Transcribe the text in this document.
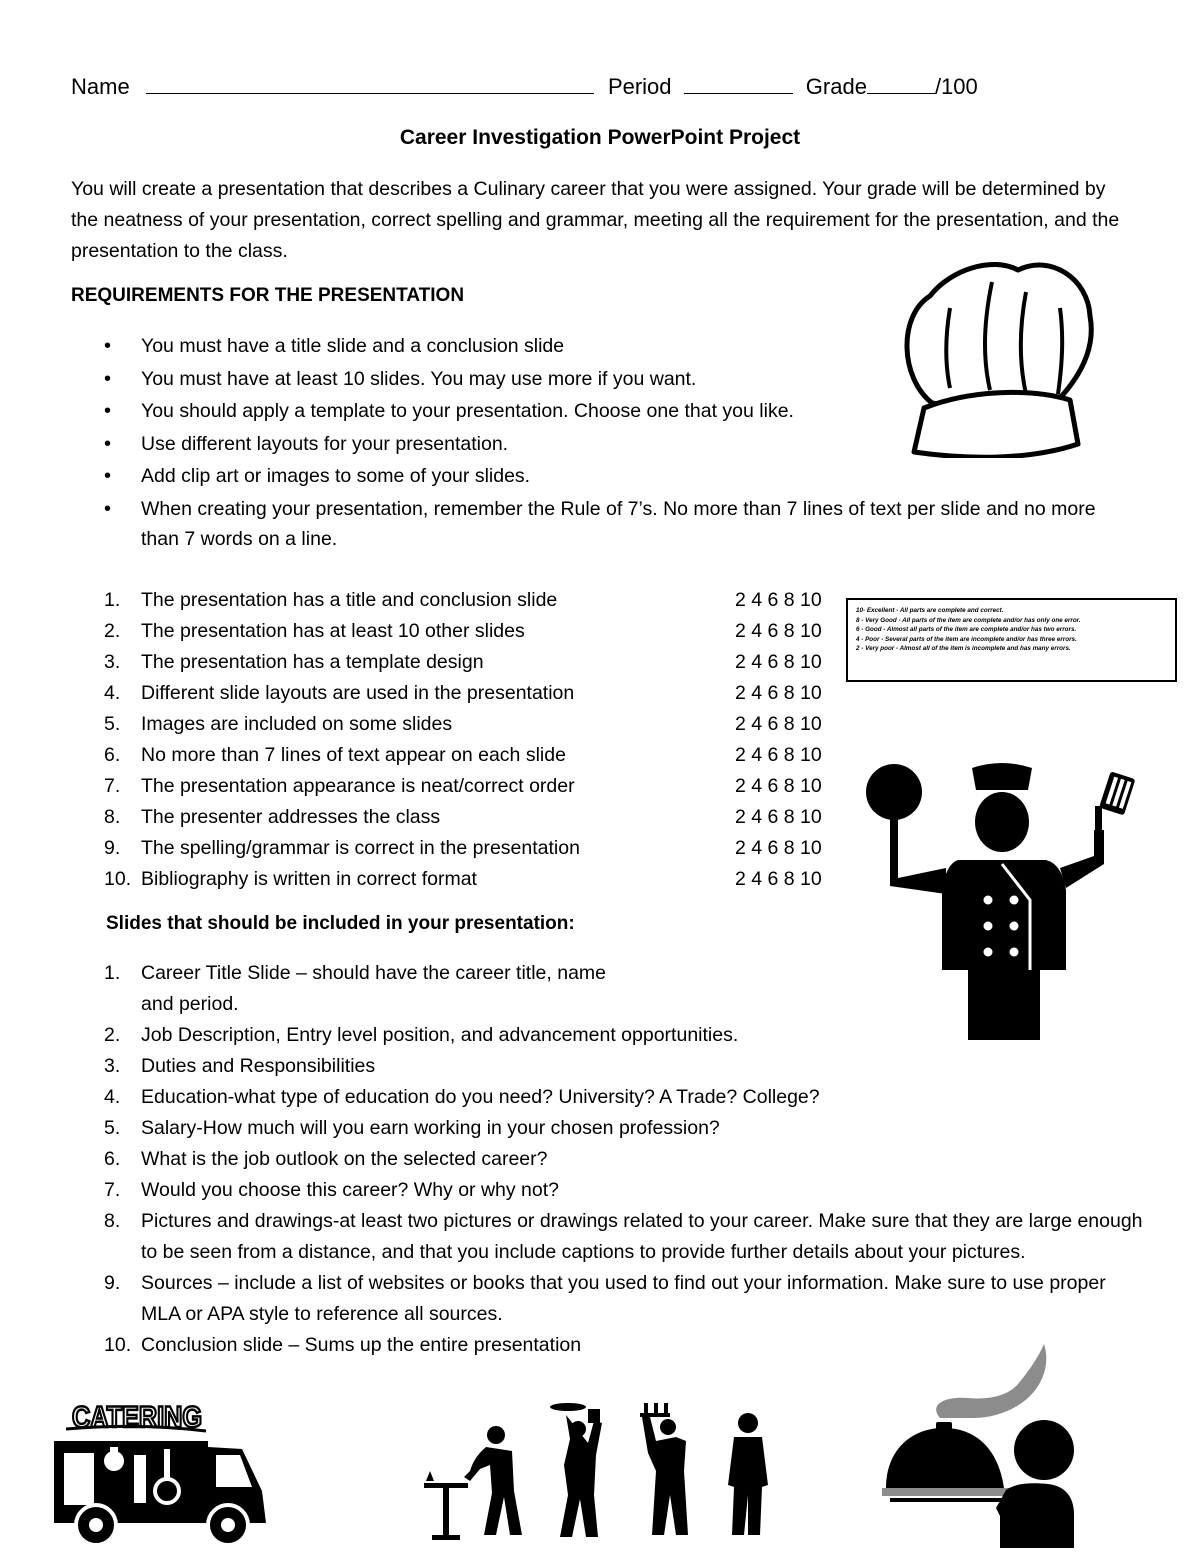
Name	Period	Grade	/100
Career Investigation PowerPoint Project
You will create a presentation that describes a Culinary career that you were assigned. Your grade will be determined by the neatness of your presentation, correct spelling and grammar, meeting all the requirement for the presentation, and the presentation to the class.
REQUIREMENTS FOR THE PRESENTATION
• You must have a title slide and a conclusion slide
• You must have at least 10 slides. You may use more if you want.
• You should apply a template to your presentation. Choose one that you like.
• Use different layouts for your presentation.
• Add clip art or images to some of your slides.
• When creating your presentation, remember the Rule of 7’s. No more than 7 lines of text per slide and no more than 7 words on a line.
1.	The presentation has a title and conclusion slide	2 4 6 8 10
2.	The presentation has at least 10 other slides	2 4 6 8 10
3.	The presentation has a template design	2 4 6 8 10
4.	Different slide layouts are used in the presentation	2 4 6 8 10
5.	Images are included on some slides	2 4 6 8 10
6.	No more than 7 lines of text appear on each slide	2 4 6 8 10
7.	The presentation appearance is neat/correct order	2 4 6 8 10
8.	The presenter addresses the class	2 4 6 8 10
9.	The spelling/grammar is correct in the presentation	2 4 6 8 10
10. Bibliography is written in correct format	2 4 6 8 10
10- Excellent - All parts are complete and correct.
8 - Very Good - All parts of the item are complete and/or has only one error.
6 - Good - Almost all parts of the item are complete and/or has two errors.
4 - Poor - Several parts of the item are incomplete and/or has three errors.
2 - Very poor - Almost all of the item is incomplete and has many errors.
Slides that should be included in your presentation:
1. Career Title Slide – should have the career title, name and period.
2. Job Description, Entry level position, and advancement opportunities.
3. Duties and Responsibilities
4. Education-what type of education do you need? University? A Trade? College?
5. Salary-How much will you earn working in your chosen profession?
6. What is the job outlook on the selected career?
7. Would you choose this career? Why or why not?
8. Pictures and drawings-at least two pictures or drawings related to your career. Make sure that they are large enough to be seen from a distance, and that you include captions to provide further details about your pictures.
9. Sources – include a list of websites or books that you used to find out your information. Make sure to use proper MLA or APA style to reference all sources.
10. Conclusion slide – Sums up the entire presentation
CATERING
